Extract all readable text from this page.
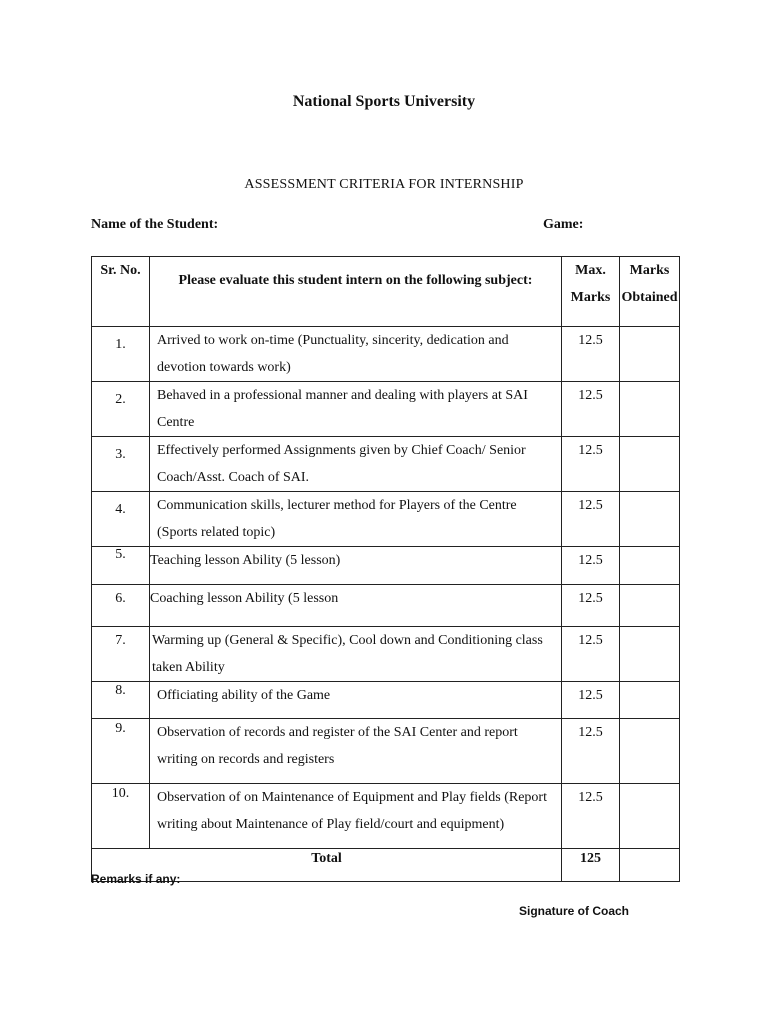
National Sports University
ASSESSMENT CRITERIA FOR INTERNSHIP
Name of the Student:	Game:
Sr. No.	Please evaluate this student intern on the following subject:	Max. Marks	Marks Obtained
1.	Arrived to work on-time (Punctuality, sincerity, dedication and devotion towards work)	12.5	
2.	Behaved in a professional manner and dealing with players at SAI Centre	12.5	
3.	Effectively performed Assignments given by Chief Coach/ Senior Coach/Asst. Coach of SAI.	12.5	
4.	Communication skills, lecturer method for Players of the Centre (Sports related topic)	12.5	
5.	Teaching lesson Ability (5 lesson)	12.5	
6.	Coaching lesson Ability (5 lesson	12.5	
7.	Warming up (General & Specific), Cool down and Conditioning class taken Ability	12.5	
8.	Officiating ability of the Game	12.5	
9.	Observation of records and register of the SAI Center and report writing on records and registers	12.5	
10.	Observation of on Maintenance of Equipment and Play fields (Report writing about Maintenance of Play field/court and equipment)	12.5	
Total		125	
Remarks if any:
Signature of Coach
